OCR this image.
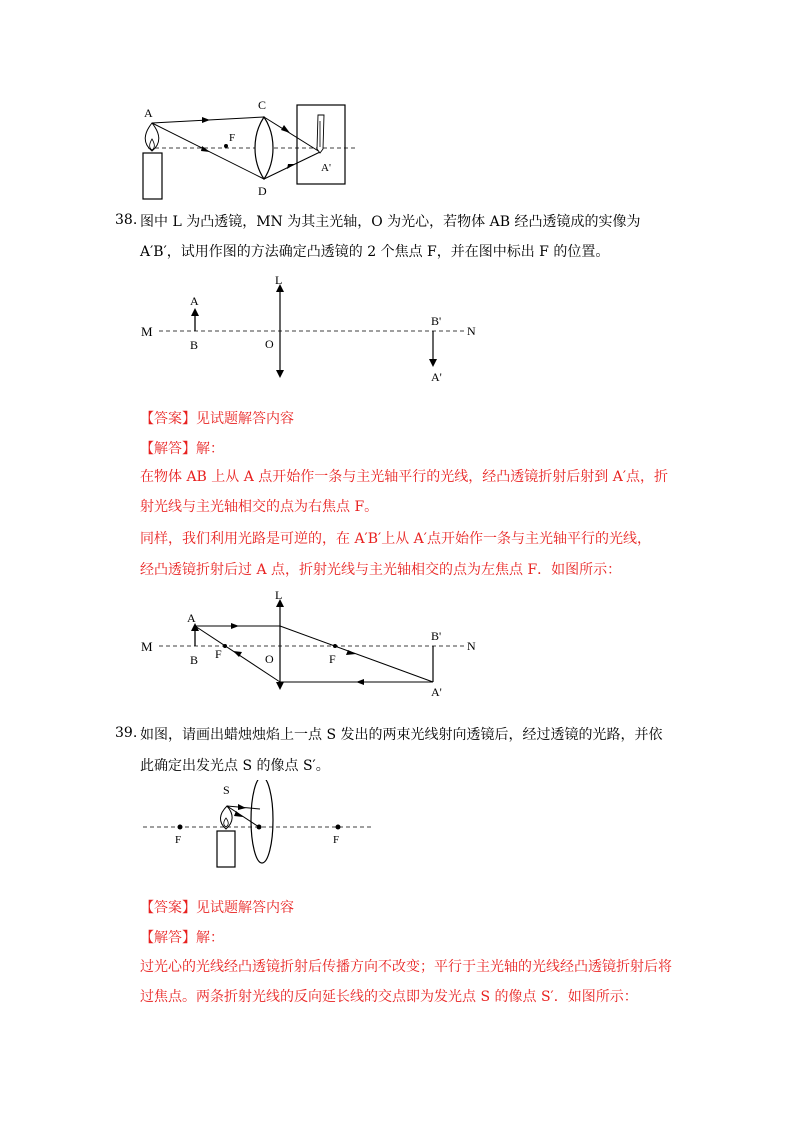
F
A
C
D
A'
38. 图中 L 为凸透镜，MN 为其主光轴，O 为光心，若物体 AB 经凸透镜成的实像为
A′B′，试用作图的方法确定凸透镜的 2 个焦点 F，并在图中标出 F 的位置。
L
M	N
A
B	O
B'
A'
【答案】见试题解答内容
【解答】解：
在物体 AB 上从 A 点开始作一条与主光轴平行的光线，经凸透镜折射后射到 A′点，折
射光线与主光轴相交的点为右焦点 F。
同样，我们利用光路是可逆的，在 A′B′上从 A′点开始作一条与主光轴平行的光线，
经凸透镜折射后过 A 点，折射光线与主光轴相交的点为左焦点 F．如图所示：
L
M	N
A
B F	O	F
B'
A'
39. 如图，请画出蜡烛烛焰上一点 S 发出的两束光线射向透镜后，经过透镜的光路，并依
此确定出发光点 S 的像点 S′。
S
F	F
【答案】见试题解答内容
【解答】解：
过光心的光线经凸透镜折射后传播方向不改变；平行于主光轴的光线经凸透镜折射后将
过焦点。两条折射光线的反向延长线的交点即为发光点 S 的像点 S′．如图所示：
